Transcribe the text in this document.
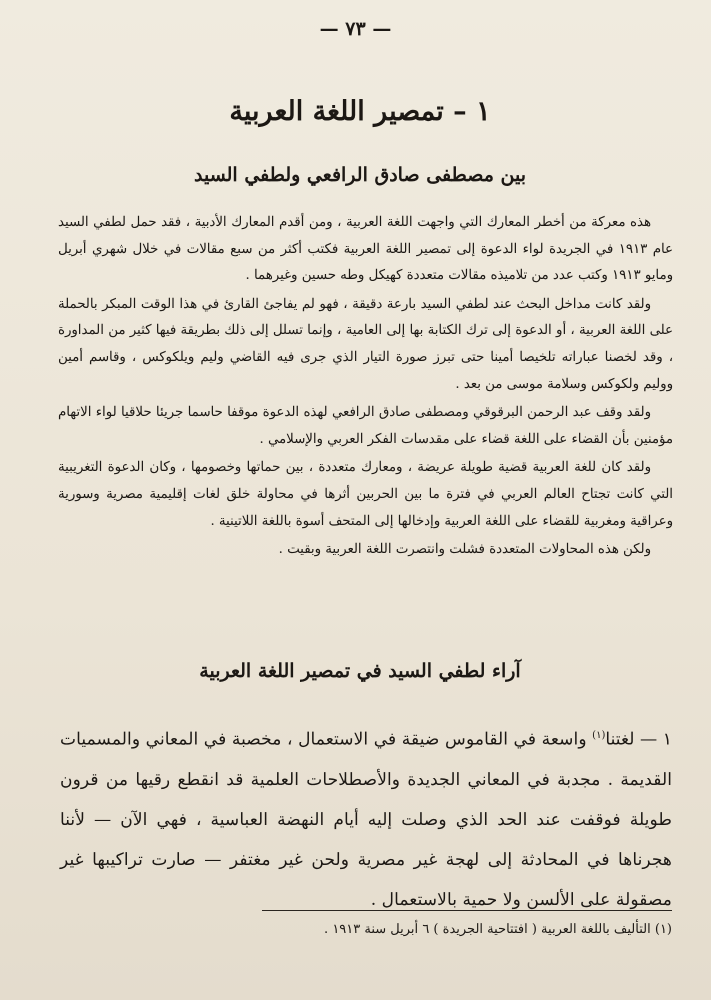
— ٧٣ —
١ – تمصير اللغة العربية
بين مصطفى صادق الرافعي ولطفي السيد

هذه معركة من أخطر المعارك التي واجهت اللغة العربية ، ومن أقدم المعارك الأدبية ، فقد حمل لطفي السيد عام ١٩١٣ في الجريدة لواء الدعوة إلى تمصير اللغة العربية فكتب أكثر من سبع مقالات في خلال شهري أبريل ومايو ١٩١٣ وكتب عدد من تلاميذه مقالات متعددة كهيكل وطه حسين وغيرهما .

ولقد كانت مداخل البحث عند لطفي السيد بارعة دقيقة ، فهو لم يفاجئ القارئ في هذا الوقت المبكر بالحملة على اللغة العربية ، أو الدعوة إلى ترك الكتابة بها إلى العامية ، وإنما تسلل إلى ذلك بطريقة فيها كثير من المداورة ، وقد لخصنا عباراته تلخيصا أمينا حتى تبرز صورة التيار الذي جرى فيه القاضي وليم ويلكوكس ، وقاسم أمين ووليم ولكوكس وسلامة موسى من بعد .

ولقد وقف عبد الرحمن البرقوقي ومصطفى صادق الرافعي لهذه الدعوة موقفا حاسما جريئا حلاقيا لواء الاتهام مؤمنين بأن القضاء على اللغة قضاء على مقدسات الفكر العربي والإسلامي .

ولقد كان للغة العربية قضية طويلة عريضة ، ومعارك متعددة ، بين حماتها وخصومها ، وكان الدعوة التغريبية التي كانت تجتاح العالم العربي في فترة ما بين الحربين أثرها في محاولة خلق لغات إقليمية مصرية وسورية وعراقية ومغربية للقضاء على اللغة العربية وإدخالها إلى المتحف أسوة باللغة اللاتينية .

ولكن هذه المحاولات المتعددة فشلت وانتصرت اللغة العربية وبقيت .

آراء لطفي السيد في تمصير اللغة العربية

١ — لغتنا$^{(١)}$ واسعة في القاموس ضيقة في الاستعمال ، مخصبة في المعاني والمسميات القديمة . مجدبة في المعاني الجديدة والأصطلاحات العلمية قد انقطع رقيها من قرون طويلة فوقفت عند الحد الذي وصلت إليه أيام النهضة العباسية ، فهي الآن — لأننا هجرناها في المحادثة إلى لهجة غير مصرية ولحن غير مغتفر — صارت تراكيبها غير مصقولة على الألسن ولا حمية بالاستعمال .

(١) التأليف باللغة العربية ( افتتاحية الجريدة ) ٦ أبريل سنة ١٩١٣ .
